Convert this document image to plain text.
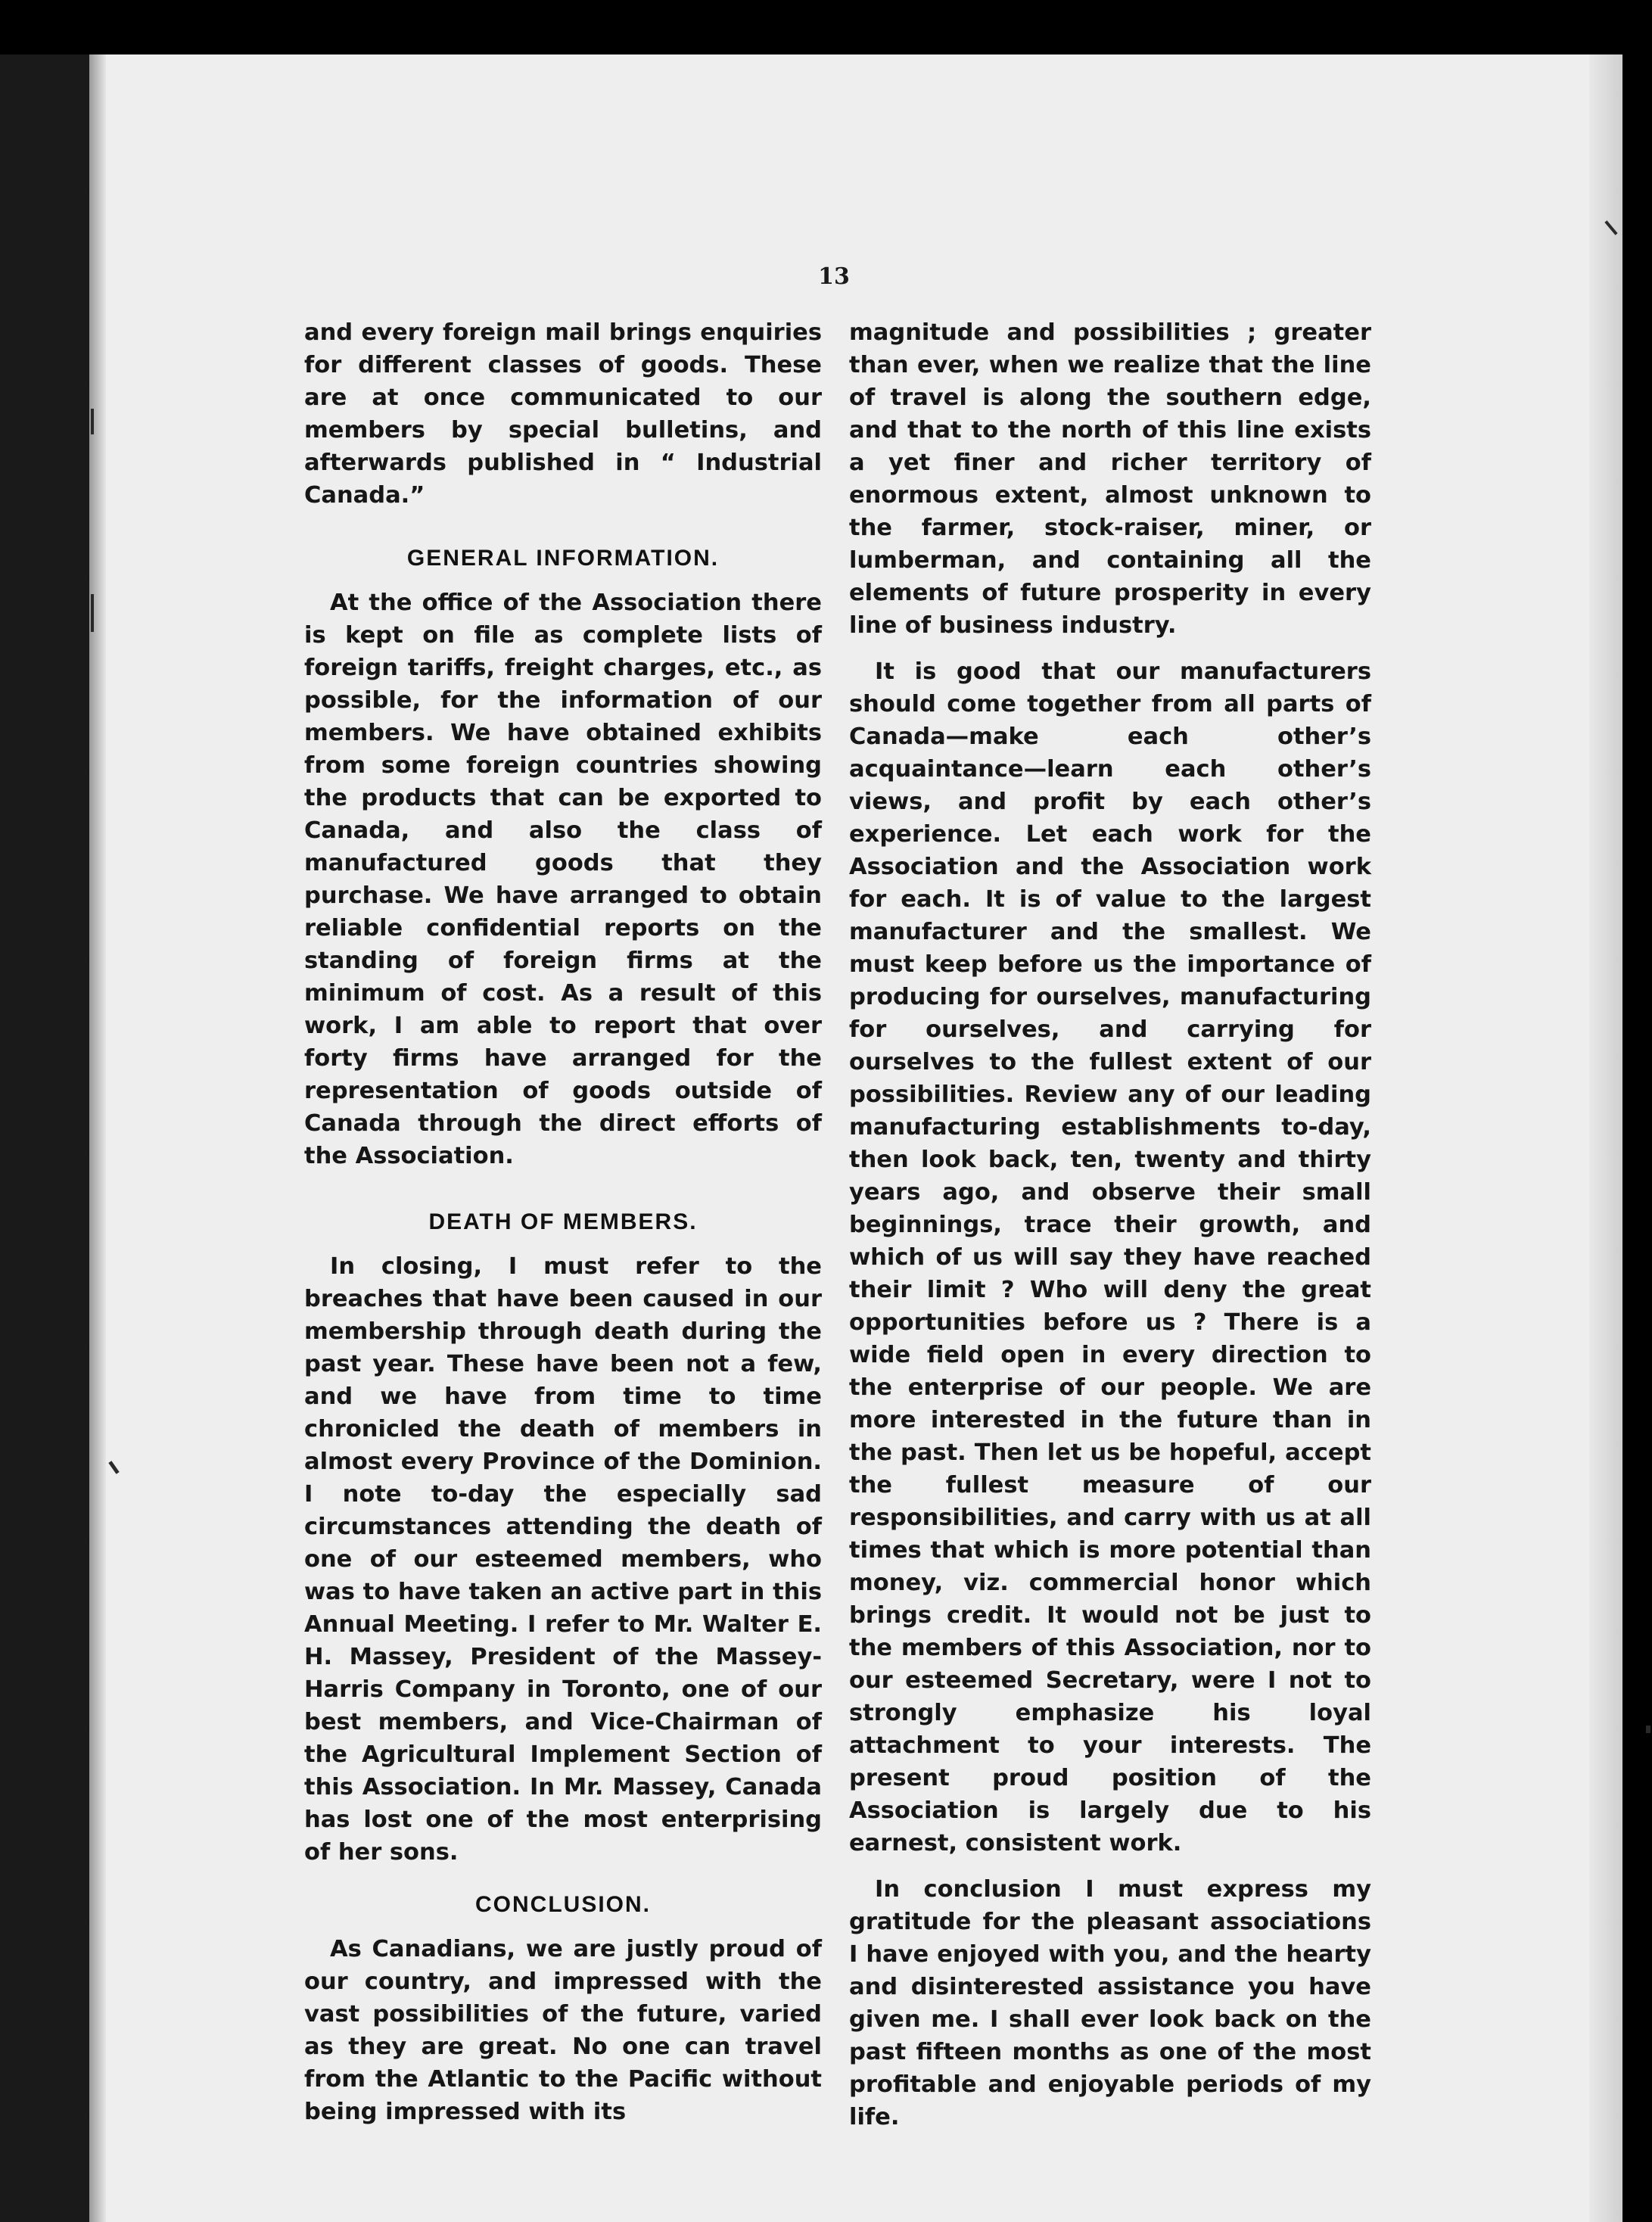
13

and every foreign mail brings enquiries for different classes of goods. These are at once communicated to our members by special bulletins, and afterwards published in “ Industrial Canada.”

GENERAL INFORMATION.

At the office of the Association there is kept on file as complete lists of foreign tariffs, freight charges, etc., as possible, for the information of our members. We have obtained exhibits from some foreign countries showing the products that can be exported to Canada, and also the class of manufactured goods that they purchase. We have arranged to obtain reliable confidential reports on the standing of foreign firms at the minimum of cost. As a result of this work, I am able to report that over forty firms have arranged for the representation of goods outside of Canada through the direct efforts of the Association.

DEATH OF MEMBERS.

In closing, I must refer to the breaches that have been caused in our membership through death during the past year. These have been not a few, and we have from time to time chronicled the death of members in almost every Province of the Dominion. I note to-day the especially sad circumstances attending the death of one of our esteemed members, who was to have taken an active part in this Annual Meeting. I refer to Mr. Walter E. H. Massey, President of the Massey-Harris Company in Toronto, one of our best members, and Vice-Chairman of the Agricultural Implement Section of this Association. In Mr. Massey, Canada has lost one of the most enterprising of her sons.

CONCLUSION.

As Canadians, we are justly proud of our country, and impressed with the vast possibilities of the future, varied as they are great. No one can travel from the Atlantic to the Pacific without being impressed with its

magnitude and possibilities ; greater than ever, when we realize that the line of travel is along the southern edge, and that to the north of this line exists a yet finer and richer territory of enormous extent, almost unknown to the farmer, stock-raiser, miner, or lumberman, and containing all the elements of future prosperity in every line of business industry.

It is good that our manufacturers should come together from all parts of Canada—make each other’s acquaintance—learn each other’s views, and profit by each other’s experience. Let each work for the Association and the Association work for each. It is of value to the largest manufacturer and the smallest. We must keep before us the importance of producing for ourselves, manufacturing for ourselves, and carrying for ourselves to the fullest extent of our possibilities. Review any of our leading manufacturing establishments to-day, then look back, ten, twenty and thirty years ago, and observe their small beginnings, trace their growth, and which of us will say they have reached their limit ? Who will deny the great opportunities before us ? There is a wide field open in every direction to the enterprise of our people. We are more interested in the future than in the past. Then let us be hopeful, accept the fullest measure of our responsibilities, and carry with us at all times that which is more potential than money, viz. commercial honor which brings credit. It would not be just to the members of this Association, nor to our esteemed Secretary, were I not to strongly emphasize his loyal attachment to your interests. The present proud position of the Association is largely due to his earnest, consistent work.

In conclusion I must express my gratitude for the pleasant associations I have enjoyed with you, and the hearty and disinterested assistance you have given me. I shall ever look back on the past fifteen months as one of the most profitable and enjoyable periods of my life.
